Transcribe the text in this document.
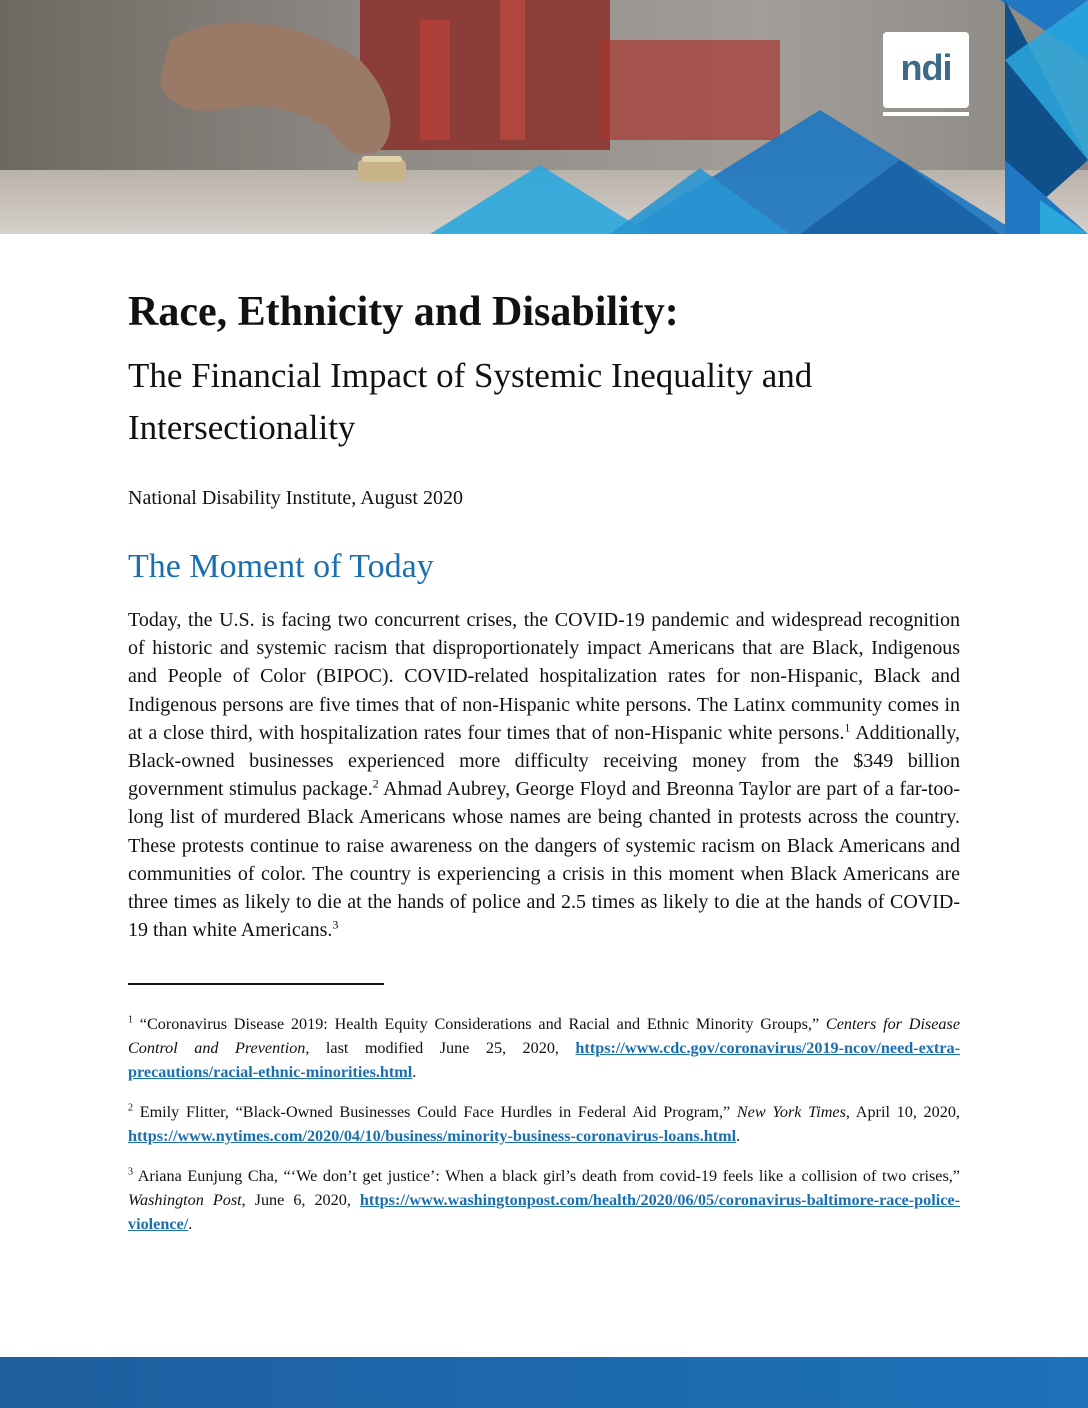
ndi
Race, Ethnicity and Disability:
The Financial Impact of Systemic Inequality and Intersectionality

National Disability Institute, August 2020

The Moment of Today

Today, the U.S. is facing two concurrent crises, the COVID-19 pandemic and widespread recognition of historic and systemic racism that disproportionately impact Americans that are Black, Indigenous and People of Color (BIPOC). COVID-related hospitalization rates for non-Hispanic, Black and Indigenous persons are five times that of non-Hispanic white persons. The Latinx community comes in at a close third, with hospitalization rates four times that of non-Hispanic white persons.$^1$ Additionally, Black-owned businesses experienced more difficulty receiving money from the $349 billion government stimulus package.$^2$ Ahmad Aubrey, George Floyd and Breonna Taylor are part of a far-too-long list of murdered Black Americans whose names are being chanted in protests across the country. These protests continue to raise awareness on the dangers of systemic racism on Black Americans and communities of color. The country is experiencing a crisis in this moment when Black Americans are three times as likely to die at the hands of police and 2.5 times as likely to die at the hands of COVID-19 than white Americans.$^3$

$^1$ “Coronavirus Disease 2019: Health Equity Considerations and Racial and Ethnic Minority Groups,” Centers for Disease Control and Prevention, last modified June 25, 2020, https://www.cdc.gov/coronavirus/2019-ncov/need-extra-precautions/racial-ethnic-minorities.html.

$^2$ Emily Flitter, “Black-Owned Businesses Could Face Hurdles in Federal Aid Program,” New York Times, April 10, 2020, https://www.nytimes.com/2020/04/10/business/minority-business-coronavirus-loans.html.

$^3$ Ariana Eunjung Cha, “‘We don’t get justice’: When a black girl’s death from covid-19 feels like a collision of two crises,” Washington Post, June 6, 2020, https://www.washingtonpost.com/health/2020/06/05/coronavirus-baltimore-race-police-violence/.
